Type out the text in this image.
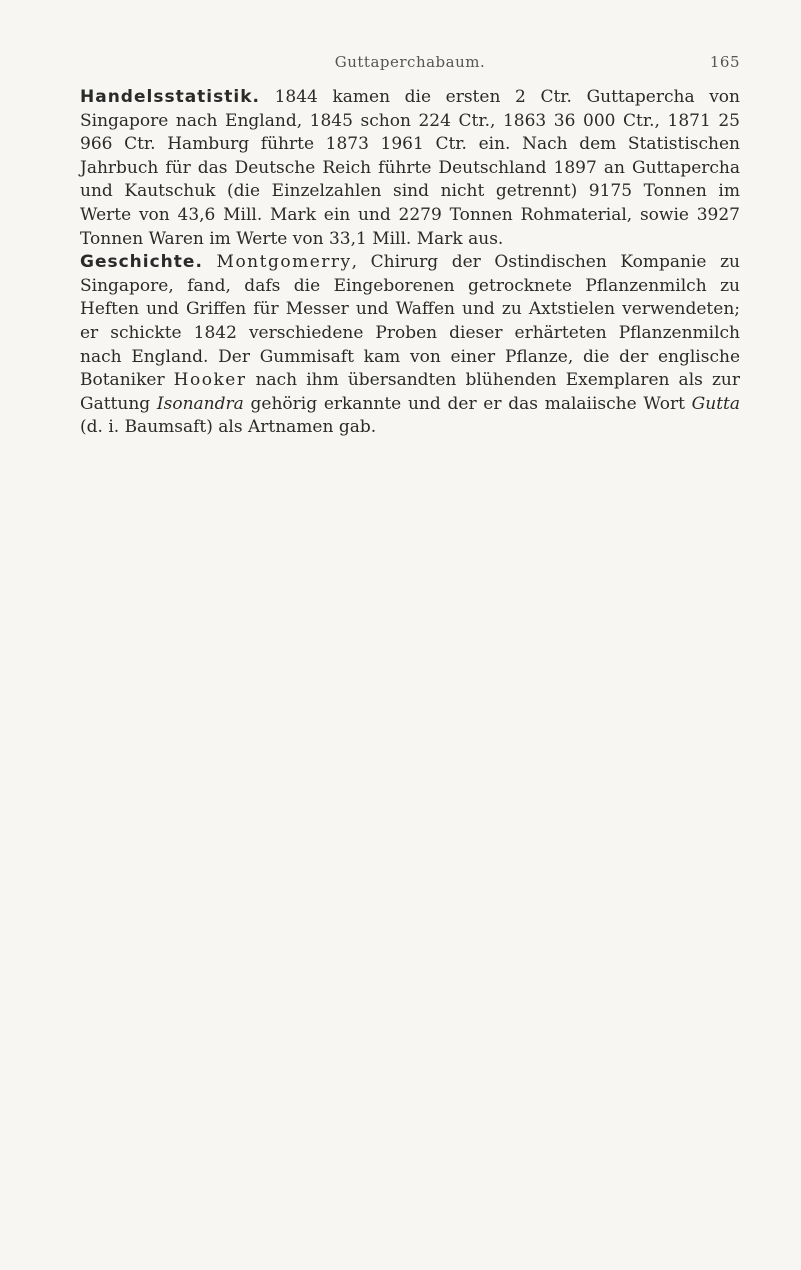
Guttaperchabaum.	165

Handelsstatistik. 1844 kamen die ersten 2 Ctr. Guttapercha von Singapore nach England, 1845 schon 224 Ctr., 1863 36 000 Ctr., 1871 25 966 Ctr. Hamburg führte 1873 1961 Ctr. ein. Nach dem Statistischen Jahrbuch für das Deutsche Reich führte Deutschland 1897 an Guttapercha und Kautschuk (die Einzelzahlen sind nicht getrennt) 9175 Tonnen im Werte von 43,6 Mill. Mark ein und 2279 Tonnen Rohmaterial, sowie 3927 Tonnen Waren im Werte von 33,1 Mill. Mark aus.

Geschichte. Montgomerry, Chirurg der Ostindischen Kompanie zu Singapore, fand, dafs die Eingeborenen getrocknete Pflanzenmilch zu Heften und Griffen für Messer und Waffen und zu Axtstielen verwendeten; er schickte 1842 verschiedene Proben dieser erhärteten Pflanzenmilch nach England. Der Gummisaft kam von einer Pflanze, die der englische Botaniker Hooker nach ihm übersandten blühenden Exemplaren als zur Gattung Isonandra gehörig erkannte und der er das malaiische Wort Gutta (d. i. Baumsaft) als Artnamen gab.
